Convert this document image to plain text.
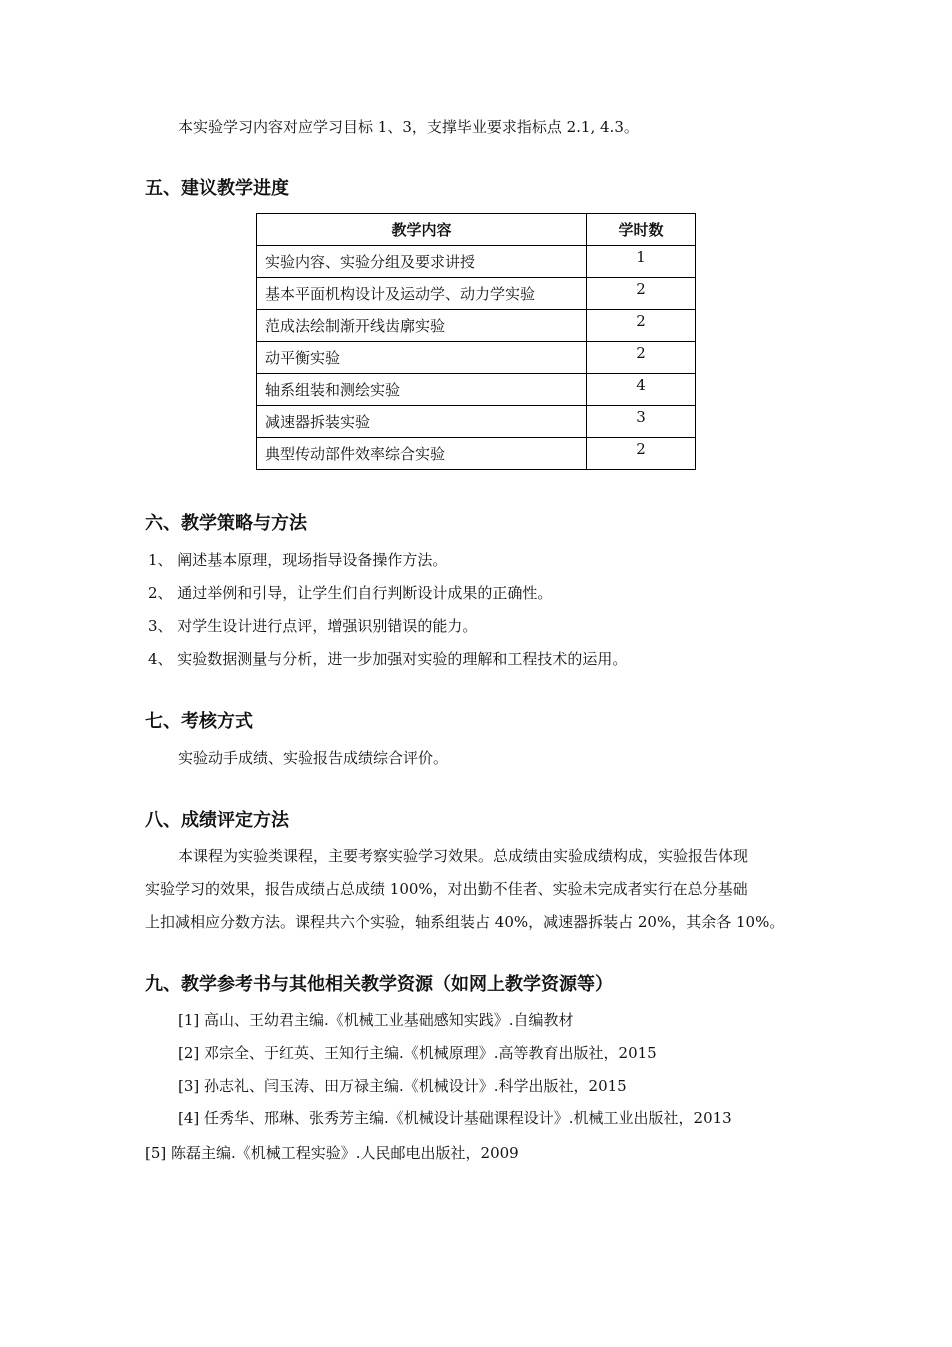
本实验学习内容对应学习目标 1、3，支撑毕业要求指标点 2.1, 4.3。
五、建议教学进度
教学内容	学时数
实验内容、实验分组及要求讲授	1
基本平面机构设计及运动学、动力学实验	2
范成法绘制渐开线齿廓实验	2
动平衡实验	2
轴系组装和测绘实验	4
减速器拆装实验	3
典型传动部件效率综合实验	2
六、教学策略与方法
1、 阐述基本原理，现场指导设备操作方法。
2、 通过举例和引导，让学生们自行判断设计成果的正确性。
3、 对学生设计进行点评，增强识别错误的能力。
4、 实验数据测量与分析，进一步加强对实验的理解和工程技术的运用。
七、考核方式
实验动手成绩、实验报告成绩综合评价。
八、成绩评定方法
本课程为实验类课程，主要考察实验学习效果。总成绩由实验成绩构成，实验报告体现
实验学习的效果，报告成绩占总成绩 100%，对出勤不佳者、实验未完成者实行在总分基础
上扣减相应分数方法。课程共六个实验，轴系组装占 40%，减速器拆装占 20%，其余各 10%。
九、教学参考书与其他相关教学资源（如网上教学资源等）
[1] 高山、王幼君主编.《机械工业基础感知实践》.自编教材
[2] 邓宗全、于红英、王知行主编.《机械原理》.高等教育出版社，2015
[3] 孙志礼、闫玉涛、田万禄主编.《机械设计》.科学出版社，2015
[4] 任秀华、邢琳、张秀芳主编.《机械设计基础课程设计》.机械工业出版社，2013
[5] 陈磊主编.《机械工程实验》.人民邮电出版社，2009
